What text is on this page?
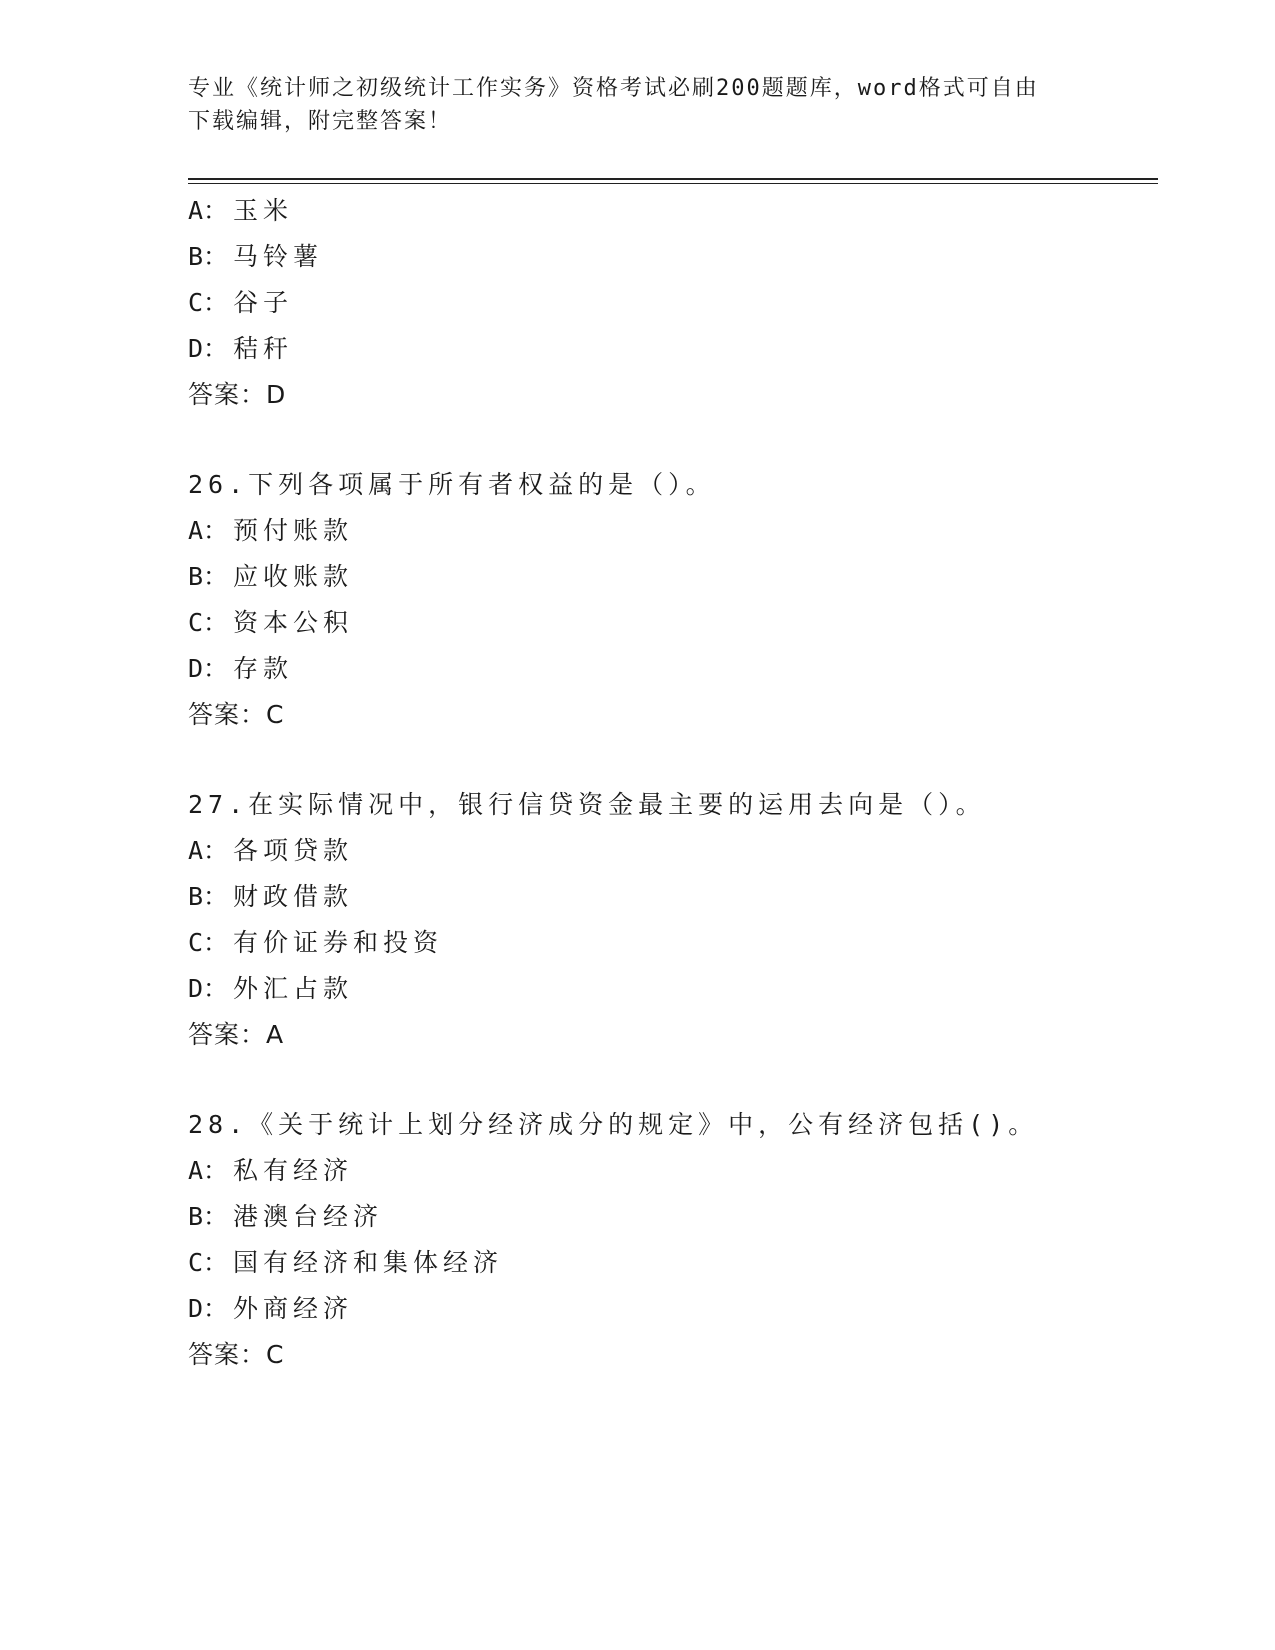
专业《统计师之初级统计工作实务》资格考试必刷200题题库，word格式可自由
下载编辑，附完整答案！
A： 玉米
B： 马铃薯
C： 谷子
D： 秸秆
答案：D
26.下列各项属于所有者权益的是（）。
A： 预付账款
B： 应收账款
C： 资本公积
D： 存款
答案：C
27.在实际情况中，银行信贷资金最主要的运用去向是（）。
A： 各项贷款
B： 财政借款
C： 有价证券和投资
D： 外汇占款
答案：A
28.《关于统计上划分经济成分的规定》中，公有经济包括()。
A： 私有经济
B： 港澳台经济
C： 国有经济和集体经济
D： 外商经济
答案：C
